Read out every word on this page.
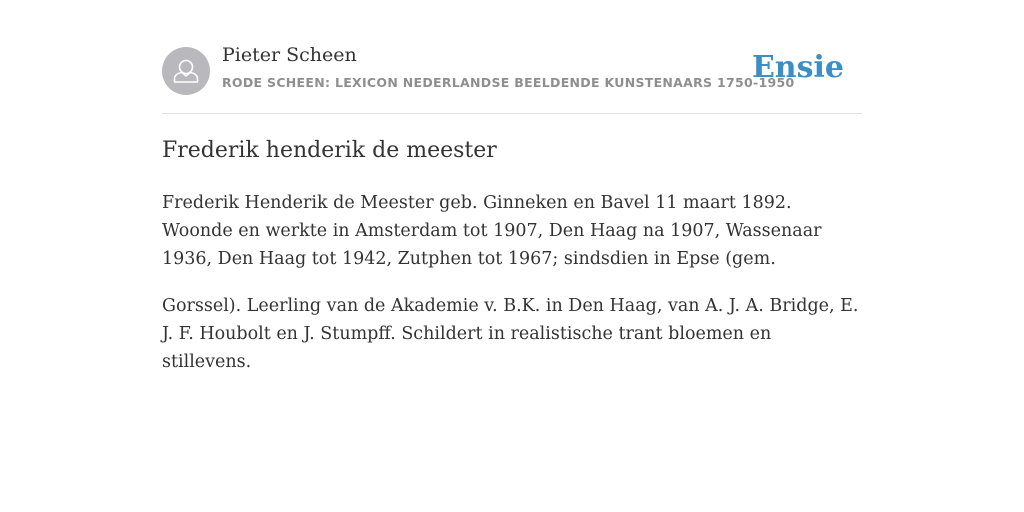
Pieter Scheen
RODE SCHEEN: LEXICON NEDERLANDSE BEELDENDE KUNSTENAARS 1750-1950
Ensie
Frederik henderik de meester

Frederik Henderik de Meester geb. Ginneken en Bavel 11 maart 1892. Woonde en werkte in Amsterdam tot 1907, Den Haag na 1907, Wassenaar 1936, Den Haag tot 1942, Zutphen tot 1967; sindsdien in Epse (gem.

Gorssel). Leerling van de Akademie v. B.K. in Den Haag, van A. J. A. Bridge, E. J. F. Houbolt en J. Stumpff. Schildert in realistische trant bloemen en stillevens.
